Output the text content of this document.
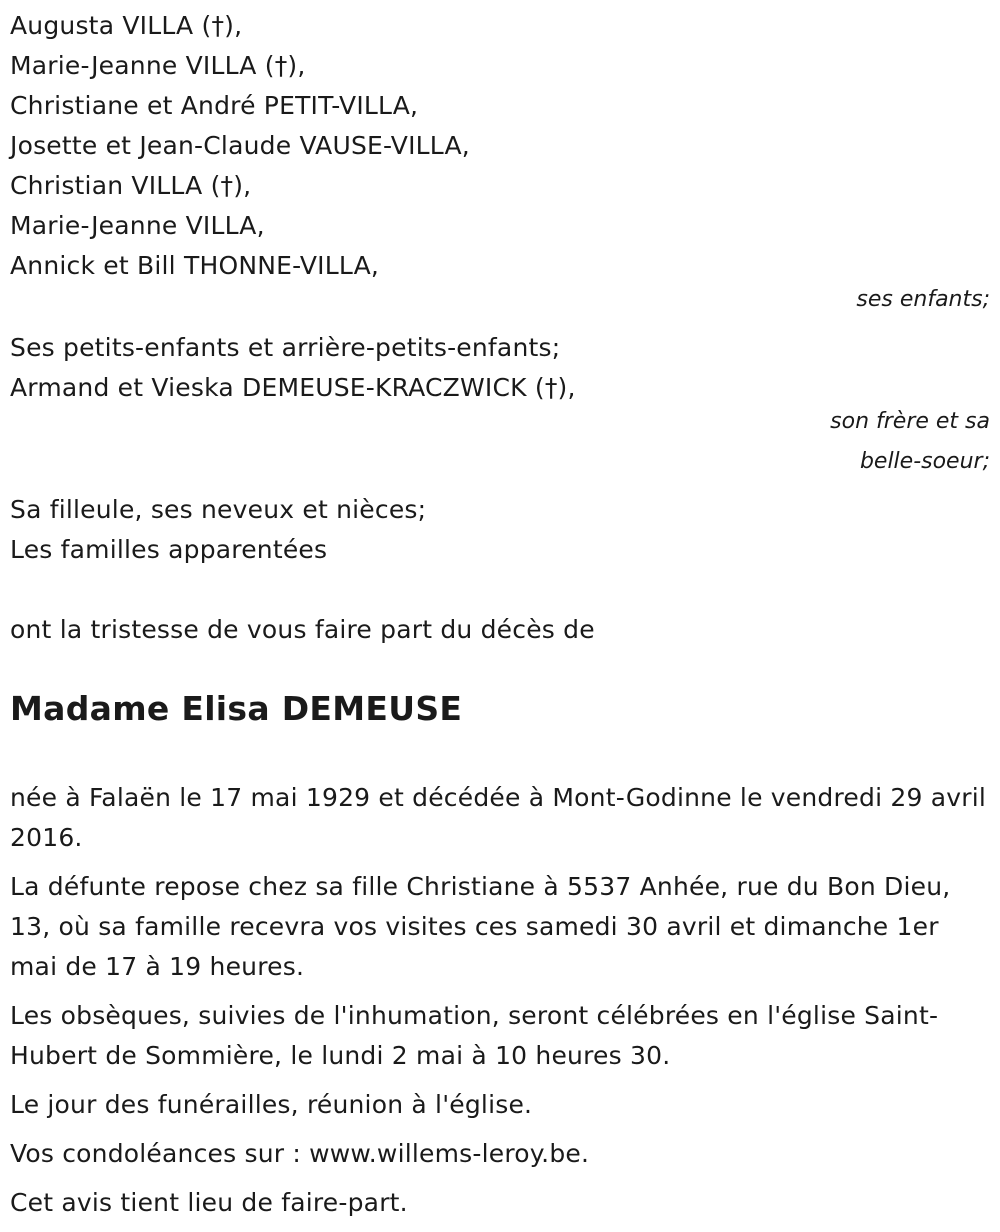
Augusta VILLA (†),
Marie-Jeanne VILLA (†),
Christiane et André PETIT-VILLA,
Josette et Jean-Claude VAUSE-VILLA,
Christian VILLA (†),
Marie-Jeanne VILLA,
Annick et Bill THONNE-VILLA,
ses enfants;
Ses petits-enfants et arrière-petits-enfants;
Armand et Vieska DEMEUSE-KRACZWICK (†),
son frère et sa
belle-soeur;
Sa filleule, ses neveux et nièces;
Les familles apparentées
ont la tristesse de vous faire part du décès de
Madame Elisa DEMEUSE

née à Falaën le 17 mai 1929 et décédée à Mont-Godinne le vendredi 29 avril 2016.

La défunte repose chez sa fille Christiane à 5537 Anhée, rue du Bon Dieu, 13, où sa famille recevra vos visites ces samedi 30 avril et dimanche 1er mai de 17 à 19 heures.

Les obsèques, suivies de l'inhumation, seront célébrées en l'église Saint-Hubert de Sommière, le lundi 2 mai à 10 heures 30.

Le jour des funérailles, réunion à l'église.

Vos condoléances sur : www.willems-leroy.be.

Cet avis tient lieu de faire-part.
